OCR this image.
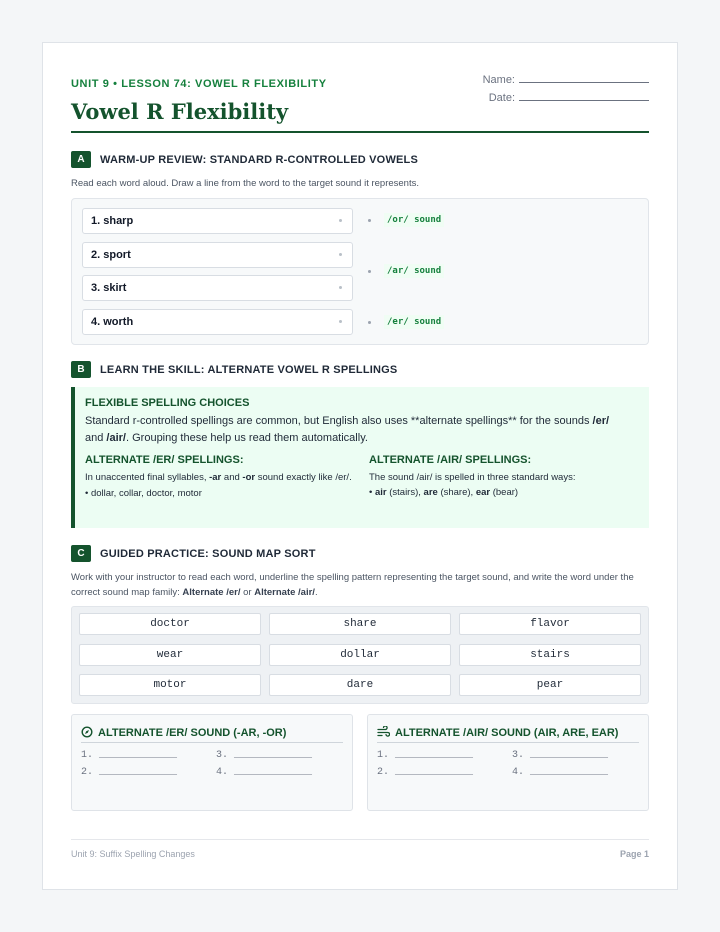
UNIT 9 • LESSON 74: VOWEL R FLEXIBILITY
Vowel R Flexibility
Name:
Date:
A	WARM-UP REVIEW: STANDARD R-CONTROLLED VOWELS
Read each word aloud. Draw a line from the word to the target sound it represents.
1. sharp
2. sport
3. skirt
4. worth
/or/ sound
/ar/ sound
/er/ sound
B	LEARN THE SKILL: ALTERNATE VOWEL R SPELLINGS
FLEXIBLE SPELLING CHOICES

Standard r-controlled spellings are common, but English also uses **alternate spellings** for the sounds /er/
and /air/. Grouping these help us read them automatically.

ALTERNATE /ER/ SPELLINGS:
In unaccented final syllables, -ar and -or sound exactly like /er/.
• dollar, collar, doctor, motor
ALTERNATE /AIR/ SPELLINGS:
The sound /air/ is spelled in three standard ways:
• air (stairs), are (share), ear (bear)
C	GUIDED PRACTICE: SOUND MAP SORT
Work with your instructor to read each word, underline the spelling pattern representing the target sound, and write the word under the correct sound map family: Alternate /er/ or Alternate /air/.
doctor	share	flavor
wear	dollar	stairs
motor	dare	pear
ALTERNATE /ER/ SOUND (-AR, -OR)
1. _____________	3. _____________
2. _____________	4. _____________
ALTERNATE /AIR/ SOUND (AIR, ARE, EAR)
1. _____________	3. _____________
2. _____________	4. _____________
Unit 9: Suffix Spelling Changes	Page 1
